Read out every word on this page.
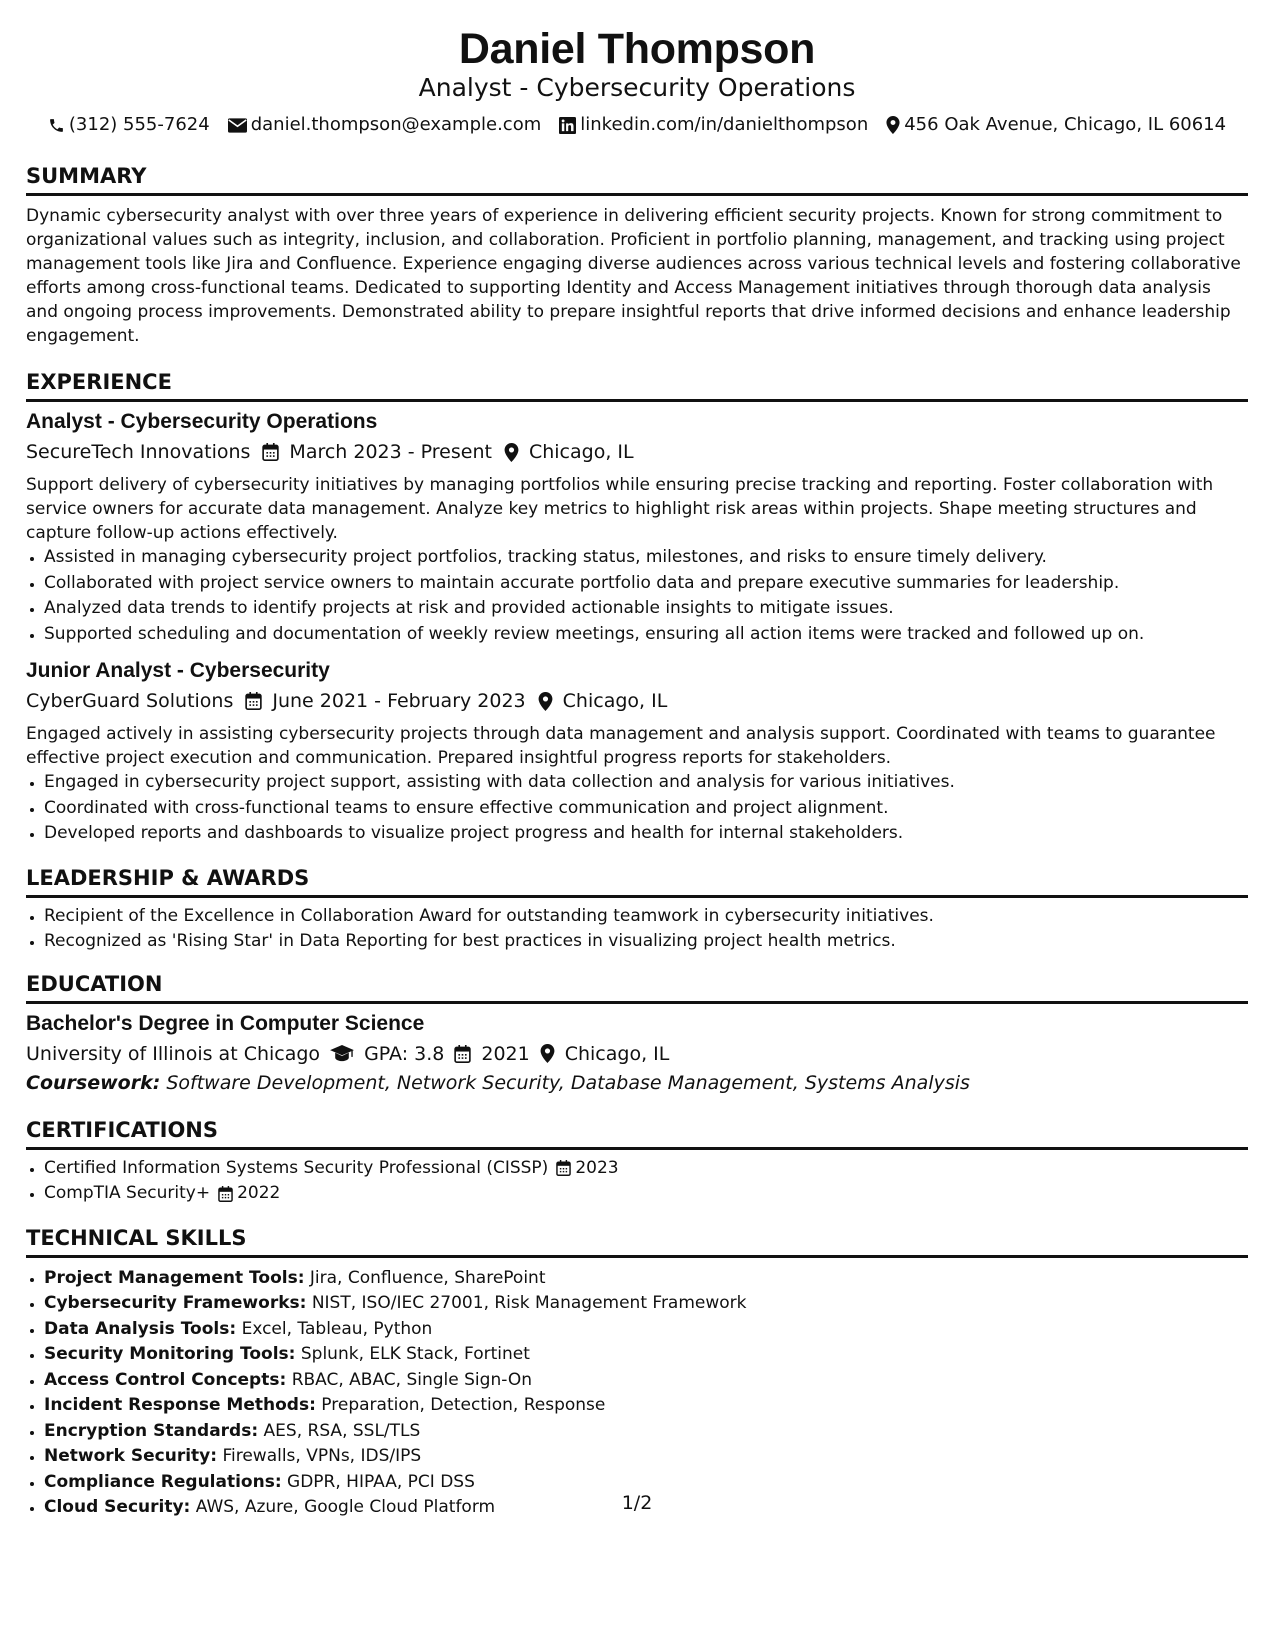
Daniel Thompson
Analyst - Cybersecurity Operations
(312) 555-7624 daniel.thompson@example.com linkedin.com/in/danielthompson 456 Oak Avenue, Chicago, IL 60614
SUMMARY
Dynamic cybersecurity analyst with over three years of experience in delivering efficient security projects. Known for strong commitment to organizational values such as integrity, inclusion, and collaboration. Proficient in portfolio planning, management, and tracking using project management tools like Jira and Confluence. Experience engaging diverse audiences across various technical levels and fostering collaborative efforts among cross-functional teams. Dedicated to supporting Identity and Access Management initiatives through thorough data analysis and ongoing process improvements. Demonstrated ability to prepare insightful reports that drive informed decisions and enhance leadership engagement.
EXPERIENCE
Analyst - Cybersecurity Operations
SecureTech Innovations March 2023 - Present Chicago, IL
Support delivery of cybersecurity initiatives by managing portfolios while ensuring precise tracking and reporting. Foster collaboration with service owners for accurate data management. Analyze key metrics to highlight risk areas within projects. Shape meeting structures and capture follow-up actions effectively.
• Assisted in managing cybersecurity project portfolios, tracking status, milestones, and risks to ensure timely delivery.
• Collaborated with project service owners to maintain accurate portfolio data and prepare executive summaries for leadership.
• Analyzed data trends to identify projects at risk and provided actionable insights to mitigate issues.
• Supported scheduling and documentation of weekly review meetings, ensuring all action items were tracked and followed up on.
Junior Analyst - Cybersecurity
CyberGuard Solutions June 2021 - February 2023 Chicago, IL
Engaged actively in assisting cybersecurity projects through data management and analysis support. Coordinated with teams to guarantee effective project execution and communication. Prepared insightful progress reports for stakeholders.
• Engaged in cybersecurity project support, assisting with data collection and analysis for various initiatives.
• Coordinated with cross-functional teams to ensure effective communication and project alignment.
• Developed reports and dashboards to visualize project progress and health for internal stakeholders.
LEADERSHIP & AWARDS
• Recipient of the Excellence in Collaboration Award for outstanding teamwork in cybersecurity initiatives.
• Recognized as 'Rising Star' in Data Reporting for best practices in visualizing project health metrics.
EDUCATION
Bachelor's Degree in Computer Science
University of Illinois at Chicago GPA: 3.8 2021 Chicago, IL
Coursework: Software Development, Network Security, Database Management, Systems Analysis
CERTIFICATIONS
• Certified Information Systems Security Professional (CISSP) 2023
• CompTIA Security+ 2022
TECHNICAL SKILLS
• Project Management Tools: Jira, Confluence, SharePoint
• Cybersecurity Frameworks: NIST, ISO/IEC 27001, Risk Management Framework
• Data Analysis Tools: Excel, Tableau, Python
• Security Monitoring Tools: Splunk, ELK Stack, Fortinet
• Access Control Concepts: RBAC, ABAC, Single Sign-On
• Incident Response Methods: Preparation, Detection, Response
• Encryption Standards: AES, RSA, SSL/TLS
• Network Security: Firewalls, VPNs, IDS/IPS
• Compliance Regulations: GDPR, HIPAA, PCI DSS
• Cloud Security: AWS, Azure, Google Cloud Platform	1/2
